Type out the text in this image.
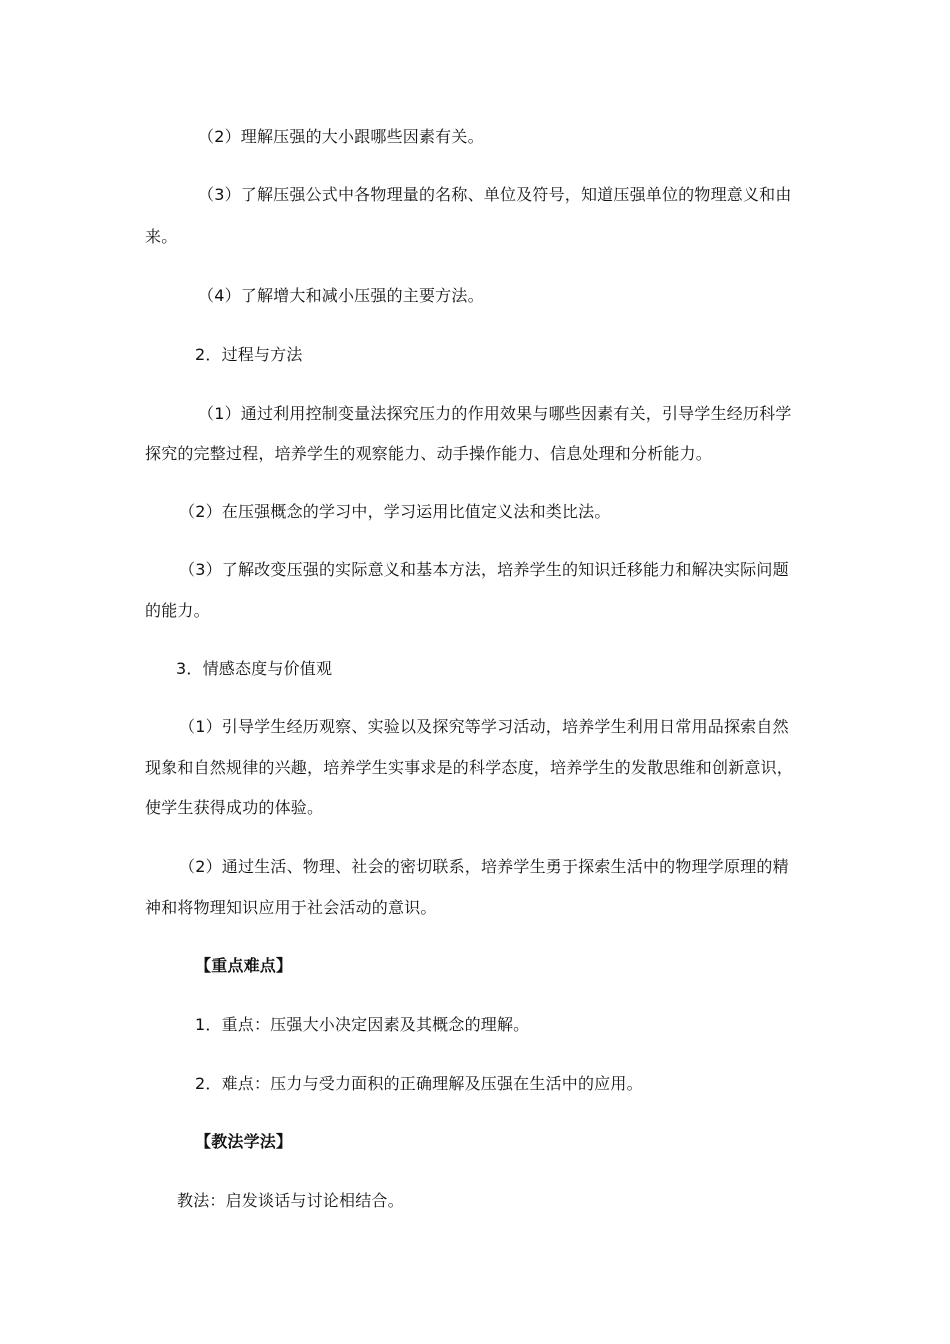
（2）理解压强的大小跟哪些因素有关。

（3）了解压强公式中各物理量的名称、单位及符号，知道压强单位的物理意义和由

来。

（4）了解增大和减小压强的主要方法。

2．过程与方法

（1）通过利用控制变量法探究压力的作用效果与哪些因素有关，引导学生经历科学

探究的完整过程，培养学生的观察能力、动手操作能力、信息处理和分析能力。

（2）在压强概念的学习中，学习运用比值定义法和类比法。

（3）了解改变压强的实际意义和基本方法，培养学生的知识迁移能力和解决实际问题

的能力。

3．情感态度与价值观

（1）引导学生经历观察、实验以及探究等学习活动，培养学生利用日常用品探索自然

现象和自然规律的兴趣，培养学生实事求是的科学态度，培养学生的发散思维和创新意识，

使学生获得成功的体验。

（2）通过生活、物理、社会的密切联系，培养学生勇于探索生活中的物理学原理的精

神和将物理知识应用于社会活动的意识。

【重点难点】

1．重点：压强大小决定因素及其概念的理解。

2．难点：压力与受力面积的正确理解及压强在生活中的应用。

【教法学法】

教法：启发谈话与讨论相结合。
